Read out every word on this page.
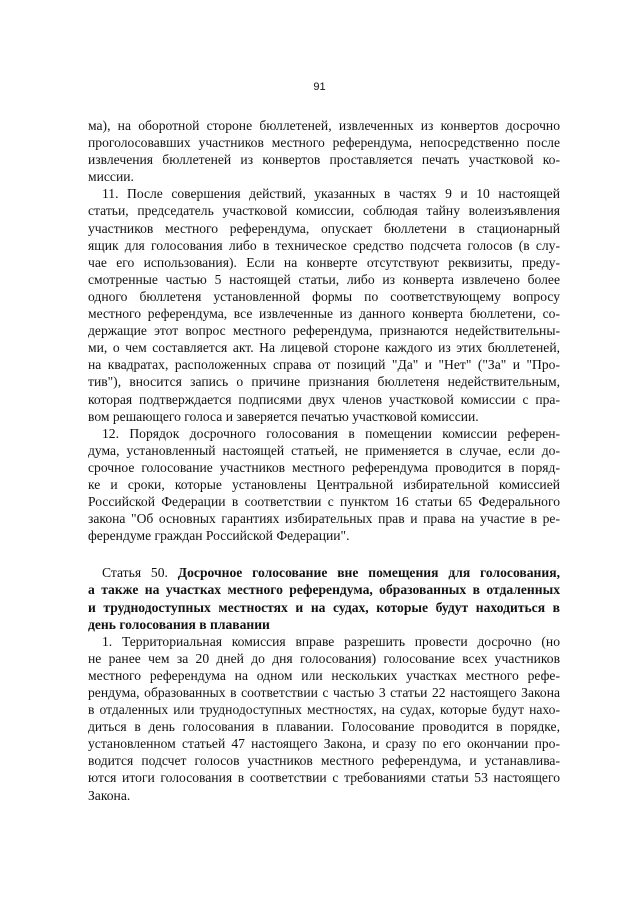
91
ма), на оборотной стороне бюллетеней, извлеченных из конвертов досрочно
проголосовавших участников местного референдума, непосредственно после
извлечения бюллетеней из конвертов проставляется печать участковой ко-
миссии.
11. После совершения действий, указанных в частях 9 и 10 настоящей
статьи, председатель участковой комиссии, соблюдая тайну волеизъявления
участников местного референдума, опускает бюллетени в стационарный
ящик для голосования либо в техническое средство подсчета голосов (в слу-
чае его использования). Если на конверте отсутствуют реквизиты, преду-
смотренные частью 5 настоящей статьи, либо из конверта извлечено более
одного бюллетеня установленной формы по соответствующему вопросу
местного референдума, все извлеченные из данного конверта бюллетени, со-
держащие этот вопрос местного референдума, признаются недействительны-
ми, о чем составляется акт. На лицевой стороне каждого из этих бюллетеней,
на квадратах, расположенных справа от позиций "Да" и "Нет" ("За" и "Про-
тив"), вносится запись о причине признания бюллетеня недействительным,
которая подтверждается подписями двух членов участковой комиссии с пра-
вом решающего голоса и заверяется печатью участковой комиссии.
12. Порядок досрочного голосования в помещении комиссии референ-
дума, установленный настоящей статьей, не применяется в случае, если до-
срочное голосование участников местного референдума проводится в поряд-
ке и сроки, которые установлены Центральной избирательной комиссией
Российской Федерации в соответствии с пунктом 16 статьи 65 Федерального
закона "Об основных гарантиях избирательных прав и права на участие в ре-
ферендуме граждан Российской Федерации".
Статья 50. Досрочное голосование вне помещения для голосования,
а также на участках местного референдума, образованных в отдаленных
и труднодоступных местностях и на судах, которые будут находиться в
день голосования в плавании
1. Территориальная комиссия вправе разрешить провести досрочно (но
не ранее чем за 20 дней до дня голосования) голосование всех участников
местного референдума на одном или нескольких участках местного рефе-
рендума, образованных в соответствии с частью 3 статьи 22 настоящего Закона
в отдаленных или труднодоступных местностях, на судах, которые будут нахо-
диться в день голосования в плавании. Голосование проводится в порядке,
установленном статьей 47 настоящего Закона, и сразу по его окончании про-
водится подсчет голосов участников местного референдума, и устанавлива-
ются итоги голосования в соответствии с требованиями статьи 53 настоящего
Закона.
